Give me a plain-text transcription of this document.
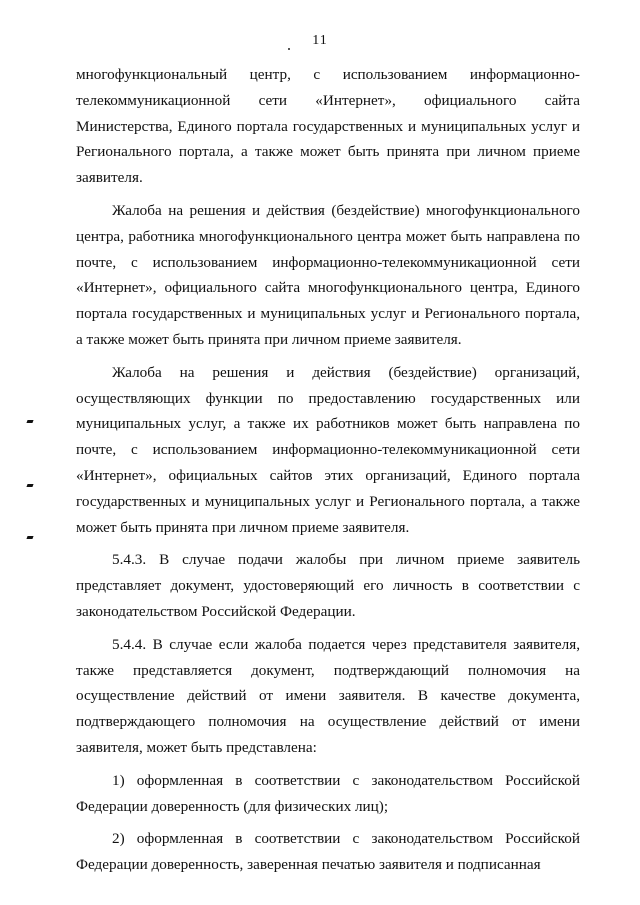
11

многофункциональный центр, с использованием информационно-телекоммуникационной сети «Интернет», официального сайта Министерства, Единого портала государственных и муниципальных услуг и Регионального портала, а также может быть принята при личном приеме заявителя.

Жалоба на решения и действия (бездействие) многофункционального центра, работника многофункционального центра может быть направлена по почте, с использованием информационно-телекоммуникационной сети «Интернет», официального сайта многофункционального центра, Единого портала государственных и муниципальных услуг и Регионального портала, а также может быть принята при личном приеме заявителя.

Жалоба на решения и действия (бездействие) организаций, осуществляющих функции по предоставлению государственных или муниципальных услуг, а также их работников может быть направлена по почте, с использованием информационно-телекоммуникационной сети «Интернет», официальных сайтов этих организаций, Единого портала государственных и муниципальных услуг и Регионального портала, а также может быть принята при личном приеме заявителя.

5.4.3. В случае подачи жалобы при личном приеме заявитель представляет документ, удостоверяющий его личность в соответствии с законодательством Российской Федерации.

5.4.4. В случае если жалоба подается через представителя заявителя, также представляется документ, подтверждающий полномочия на осуществление действий от имени заявителя. В качестве документа, подтверждающего полномочия на осуществление действий от имени заявителя, может быть представлена:

1) оформленная в соответствии с законодательством Российской Федерации доверенность (для физических лиц);

2) оформленная в соответствии с законодательством Российской Федерации доверенность, заверенная печатью заявителя и подписанная
